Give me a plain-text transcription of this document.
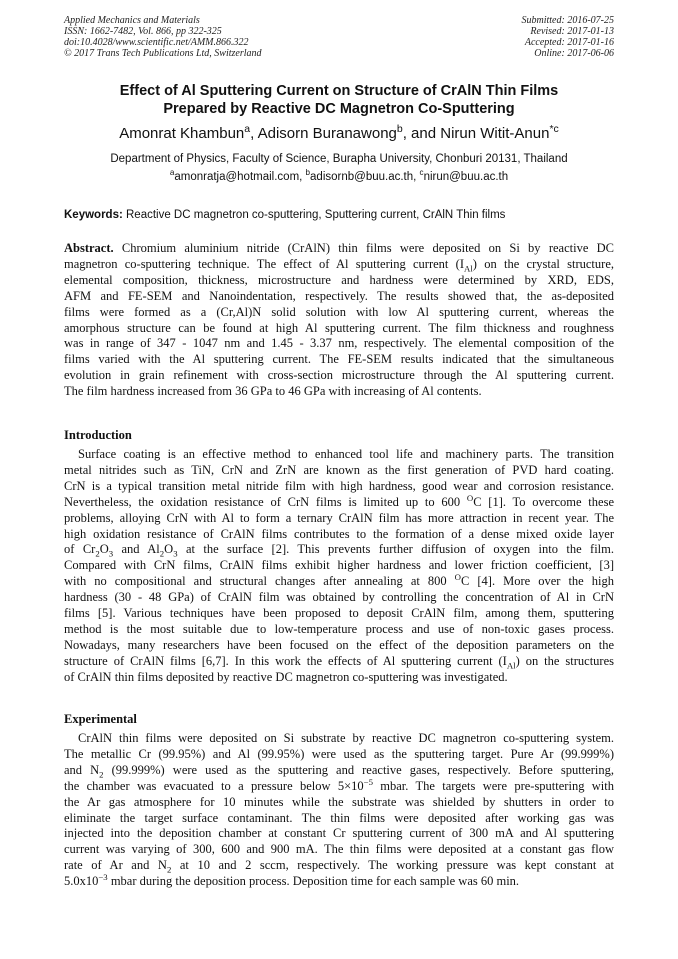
Applied Mechanics and Materials
ISSN: 1662-7482, Vol. 866, pp 322-325
doi:10.4028/www.scientific.net/AMM.866.322
© 2017 Trans Tech Publications Ltd, Switzerland
Submitted: 2016-07-25
Revised: 2017-01-13
Accepted: 2017-01-16
Online: 2017-06-06
Effect of Al Sputtering Current on Structure of CrAlN Thin Films
Prepared by Reactive DC Magnetron Co-Sputtering
Amonrat Khambun$^a$, Adisorn Buranawong$^b$, and Nirun Witit-Anun$^{*c}$
Department of Physics, Faculty of Science, Burapha University, Chonburi 20131, Thailand
$^a$amonratja@hotmail.com, $^b$adisornb@buu.ac.th, $^c$nirun@buu.ac.th
Keywords: Reactive DC magnetron co-sputtering, Sputtering current, CrAlN Thin films
Abstract. Chromium aluminium nitride (CrAlN) thin films were deposited on Si by reactive DC
magnetron co-sputtering technique. The effect of Al sputtering current $(I_{Al})$ on the crystal structure,
elemental composition, thickness, microstructure and hardness were determined by XRD, EDS,
AFM and FE-SEM and Nanoindentation, respectively. The results showed that, the as-deposited
films were formed as a (Cr,Al)N solid solution with low Al sputtering current, whereas the
amorphous structure can be found at high Al sputtering current. The film thickness and roughness
was in range of 347 - 1047 nm and 1.45 - 3.37 nm, respectively. The elemental composition of the
films varied with the Al sputtering current. The FE-SEM results indicated that the simultaneous
evolution in grain refinement with cross-section microstructure through the Al sputtering current.
The film hardness increased from 36 GPa to 46 GPa with increasing of Al contents.
Introduction
Surface coating is an effective method to enhanced tool life and machinery parts. The transition
metal nitrides such as TiN, CrN and ZrN are known as the first generation of PVD hard coating.
CrN is a typical transition metal nitride film with high hardness, good wear and corrosion resistance.
Nevertheless, the oxidation resistance of CrN films is limited up to 600 $^O$C [1]. To overcome these
problems, alloying CrN with Al to form a ternary CrAlN film has more attraction in recent year. The
high oxidation resistance of CrAlN films contributes to the formation of a dense mixed oxide layer
of $Cr_2O_3$ and $Al_2O_3$ at the surface [2]. This prevents further diffusion of oxygen into the film.
Compared with CrN films, CrAlN films exhibit higher hardness and lower friction coefficient, [3]
with no compositional and structural changes after annealing at 800 $^O$C [4]. More over the high
hardness (30 - 48 GPa) of CrAlN film was obtained by controlling the concentration of Al in CrN
films [5]. Various techniques have been proposed to deposit CrAlN film, among them, sputtering
method is the most suitable due to low-temperature process and use of non-toxic gases process.
Nowadays, many researchers have been focused on the effect of the deposition parameters on the
structure of CrAlN films [6,7]. In this work the effects of Al sputtering current $(I_{Al})$ on the structures
of CrAlN thin films deposited by reactive DC magnetron co-sputtering was investigated.
Experimental
CrAlN thin films were deposited on Si substrate by reactive DC magnetron co-sputtering system.
The metallic Cr (99.95%) and Al (99.95%) were used as the sputtering target. Pure Ar (99.999%)
and $N_2$ (99.999%) were used as the sputtering and reactive gases, respectively. Before sputtering,
the chamber was evacuated to a pressure below $5\times 10^{-5}$ mbar. The targets were pre-sputtering with
the Ar gas atmosphere for 10 minutes while the substrate was shielded by shutters in order to
eliminate the target surface contaminant. The thin films were deposited after working gas was
injected into the deposition chamber at constant Cr sputtering current of 300 mA and Al sputtering
current was varying of 300, 600 and 900 mA. The thin films were deposited at a constant gas flow
rate of Ar and $N_2$ at 10 and 2 sccm, respectively. The working pressure was kept constant at
$5.0x10^{-3}$ mbar during the deposition process. Deposition time for each sample was 60 min.
